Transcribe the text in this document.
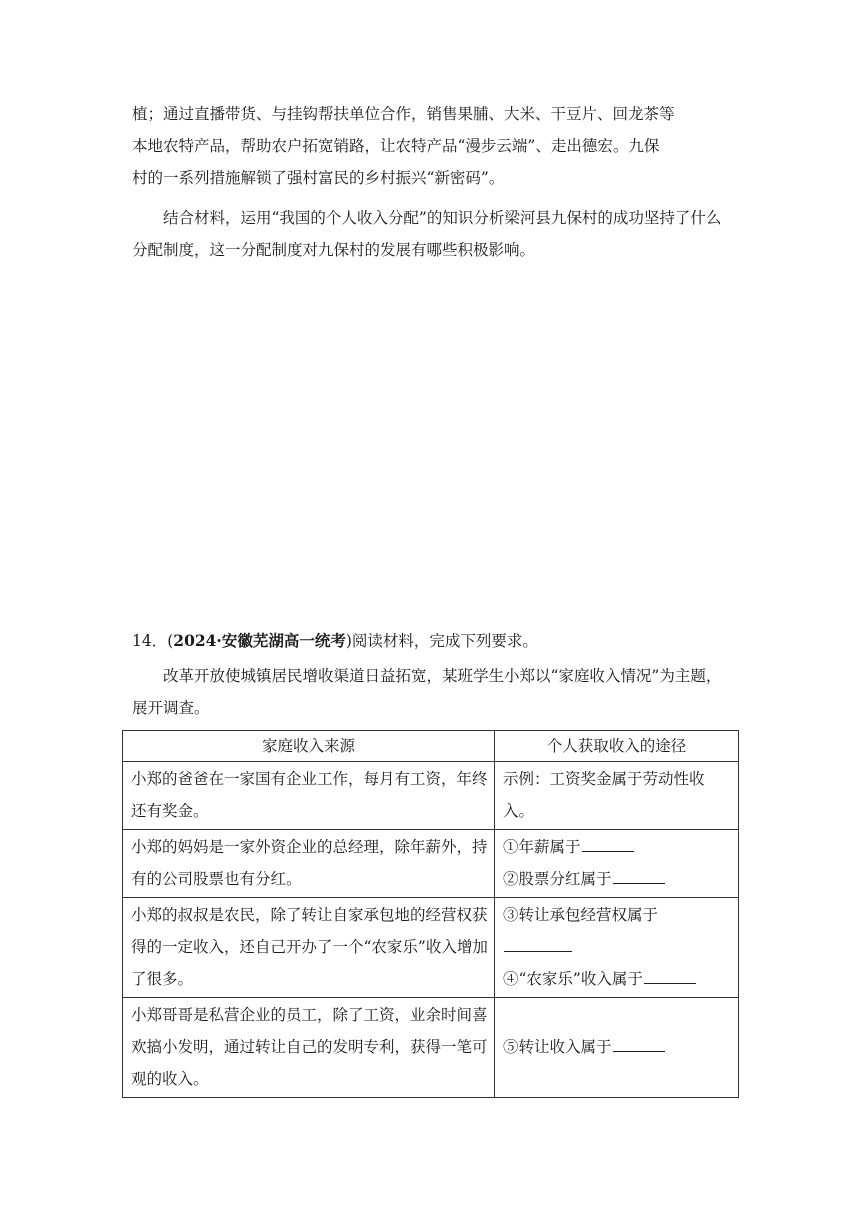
植；通过直播带货、与挂钩帮扶单位合作，销售果脯、大米、干豆片、回龙茶等
本地农特产品，帮助农户拓宽销路，让农特产品“漫步云端”、走出德宏。九保
村的一系列措施解锁了强村富民的乡村振兴“新密码”。

结合材料，运用“我国的个人收入分配”的知识分析梁河县九保村的成功坚持了什么分配制度，这一分配制度对九保村的发展有哪些积极影响。

14．(2024·安徽芜湖高一统考)阅读材料，完成下列要求。

改革开放使城镇居民增收渠道日益拓宽，某班学生小郑以“家庭收入情况”为主题，展开调查。

家庭收入来源	个人获取收入的途径
小郑的爸爸在一家国有企业工作，每月有工资，年终还有奖金。	示例：工资奖金属于劳动性收入。
小郑的妈妈是一家外资企业的总经理，除年薪外，持有的公司股票也有分红。	①年薪属于
②股票分红属于

小郑的叔叔是农民，除了转让自家承包地的经营权获得的一定收入，还自己开办了一个“农家乐”收入增加了很多。	③转让承包经营权属于
④“农家乐”收入属于

小郑哥哥是私营企业的员工，除了工资，业余时间喜欢搞小发明，通过转让自己的发明专利，获得一笔可观的收入。	⑤转让收入属于
